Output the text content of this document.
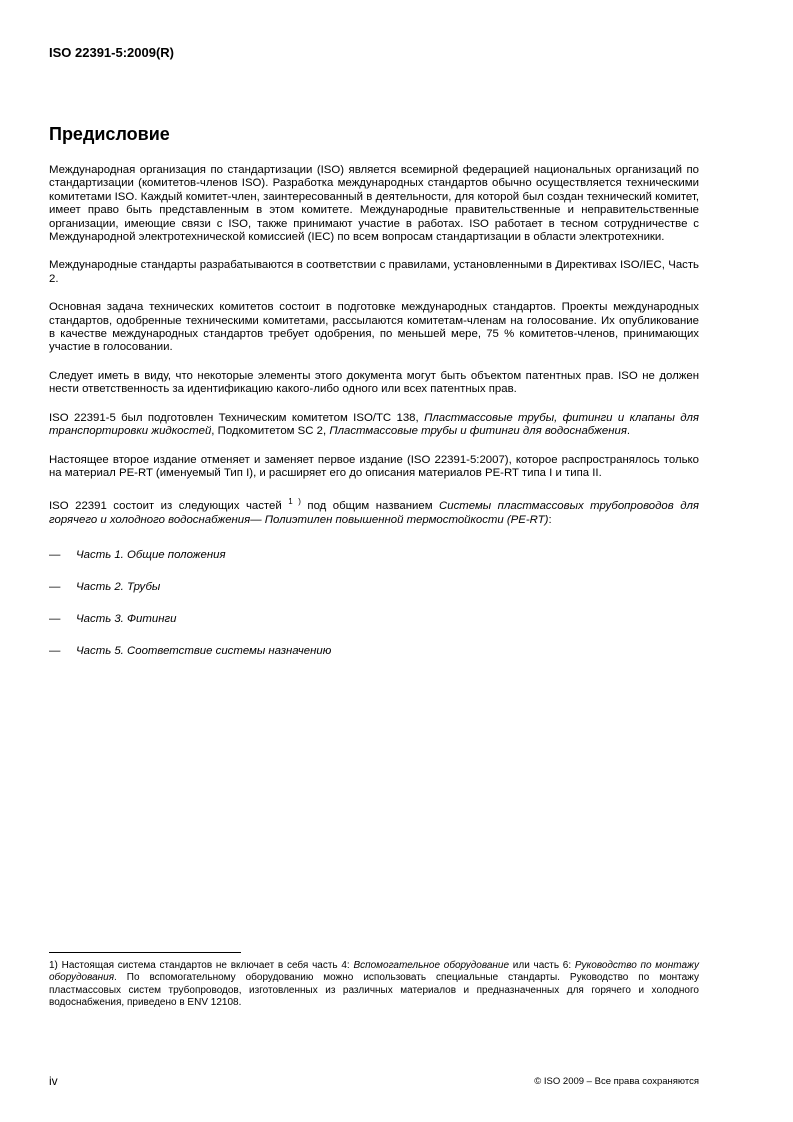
ISO 22391-5:2009(R)
Предисловие

Международная организация по стандартизации (ISO) является всемирной федерацией национальных организаций по стандартизации (комитетов-членов ISO). Разработка международных стандартов обычно осуществляется техническими комитетами ISO. Каждый комитет-член, заинтересованный в деятельности, для которой был создан технический комитет, имеет право быть представленным в этом комитете. Международные правительственные и неправительственные организации, имеющие связи с ISO, также принимают участие в работах. ISO работает в тесном сотрудничестве с Международной электротехнической комиссией (IEC) по всем вопросам стандартизации в области электротехники.

Международные стандарты разрабатываются в соответствии с правилами, установленными в Директивах ISO/IEC, Часть 2.

Основная задача технических комитетов состоит в подготовке международных стандартов. Проекты международных стандартов, одобренные техническими комитетами, рассылаются комитетам-членам на голосование. Их опубликование в качестве международных стандартов требует одобрения, по меньшей мере, 75 % комитетов-членов, принимающих участие в голосовании.

Следует иметь в виду, что некоторые элементы этого документа могут быть объектом патентных прав. ISO не должен нести ответственность за идентификацию какого-либо одного или всех патентных прав.

ISO 22391-5 был подготовлен Техническим комитетом ISO/TC 138, Пластмассовые трубы, фитинги и клапаны для транспортировки жидкостей, Подкомитетом SC 2, Пластмассовые трубы и фитинги для водоснабжения.

Настоящее второе издание отменяет и заменяет первое издание (ISO 22391-5:2007), которое распространялось только на материал PE-RT (именуемый Тип I), и расширяет его до описания материалов PE-RT типа I и типа II.

ISO 22391 состоит из следующих частей $^{1 )}$ под общим названием Системы пластмассовых трубопроводов для горячего и холодного водоснабжения— Полиэтилен повышенной термостойкости (PE-RT):

— Часть 1. Общие положения
— Часть 2. Трубы
— Часть 3. Фитинги
— Часть 5. Соответствие системы назначению
1) Настоящая система стандартов не включает в себя часть 4: Вспомогательное оборудование или часть 6: Руководство по монтажу оборудования. По вспомогательному оборудованию можно использовать специальные стандарты. Руководство по монтажу пластмассовых систем трубопроводов, изготовленных из различных материалов и предназначенных для горячего и холодного водоснабжения, приведено в ENV 12108.
iv	© ISO 2009 – Все права сохраняются
